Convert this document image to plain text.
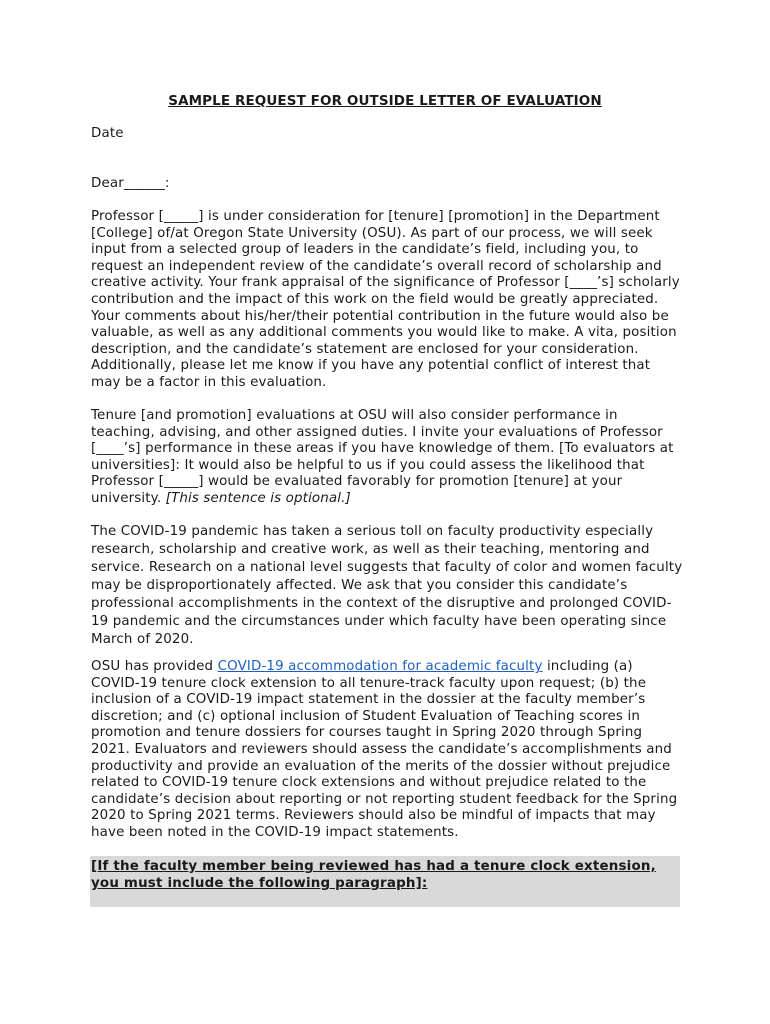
SAMPLE REQUEST FOR OUTSIDE LETTER OF EVALUATION

Date

Dear______:

Professor [_____] is under consideration for [tenure] [promotion] in the Department [College] of/at Oregon State University (OSU). As part of our process, we will seek input from a selected group of leaders in the candidate’s field, including you, to request an independent review of the candidate’s overall record of scholarship and creative activity. Your frank appraisal of the significance of Professor [____’s] scholarly contribution and the impact of this work on the field would be greatly appreciated. Your comments about his/her/their potential contribution in the future would also be valuable, as well as any additional comments you would like to make. A vita, position description, and the candidate’s statement are enclosed for your consideration. Additionally, please let me know if you have any potential conflict of interest that may be a factor in this evaluation.

Tenure [and promotion] evaluations at OSU will also consider performance in teaching, advising, and other assigned duties. I invite your evaluations of Professor [____’s] performance in these areas if you have knowledge of them. [To evaluators at universities]: It would also be helpful to us if you could assess the likelihood that Professor [_____] would be evaluated favorably for promotion [tenure] at your university. [This sentence is optional.]

The COVID-19 pandemic has taken a serious toll on faculty productivity especially research, scholarship and creative work, as well as their teaching, mentoring and service. Research on a national level suggests that faculty of color and women faculty may be disproportionately affected. We ask that you consider this candidate’s professional accomplishments in the context of the disruptive and prolonged COVID-19 pandemic and the circumstances under which faculty have been operating since March of 2020.

OSU has provided COVID-19 accommodation for academic faculty including (a) COVID-19 tenure clock extension to all tenure-track faculty upon request; (b) the inclusion of a COVID-19 impact statement in the dossier at the faculty member’s discretion; and (c) optional inclusion of Student Evaluation of Teaching scores in promotion and tenure dossiers for courses taught in Spring 2020 through Spring 2021. Evaluators and reviewers should assess the candidate’s accomplishments and productivity and provide an evaluation of the merits of the dossier without prejudice related to COVID-19 tenure clock extensions and without prejudice related to the candidate’s decision about reporting or not reporting student feedback for the Spring 2020 to Spring 2021 terms. Reviewers should also be mindful of impacts that may have been noted in the COVID-19 impact statements.

[If the faculty member being reviewed has had a tenure clock extension, you must include the following paragraph]:
